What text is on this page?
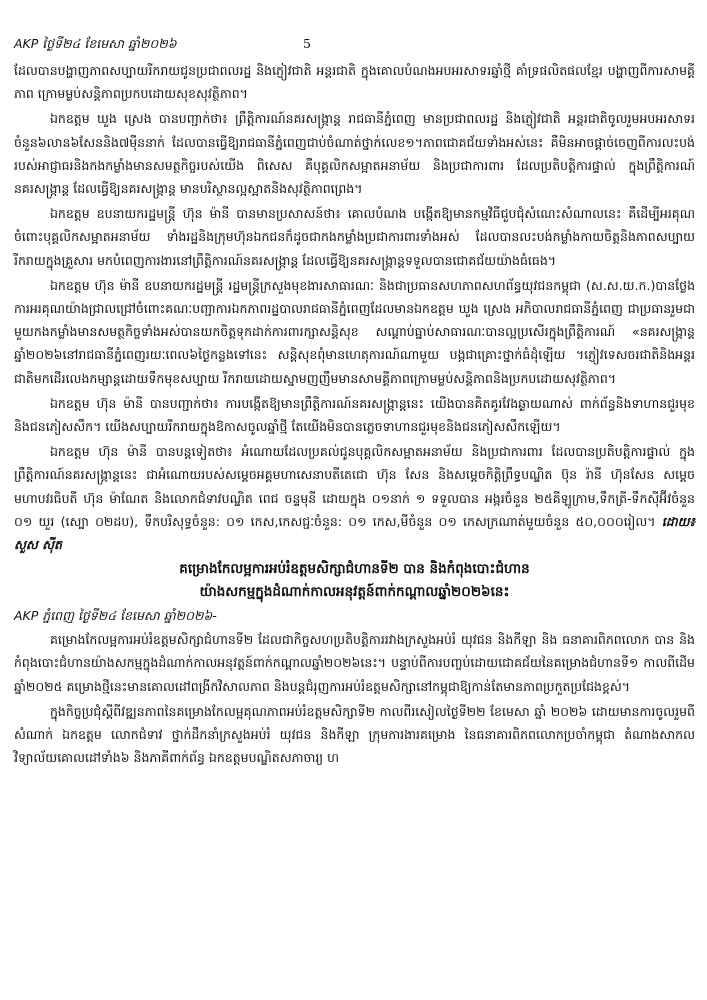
AKP ថ្ងៃទី២៤ ខែមេសា ឆ្នាំ២០២៦	5

ដែលបានបង្ហាញភាពសប្បាយរីករាយជូនប្រជាពលរដ្ឋ និងភ្ញៀវជាតិ អន្តរជាតិ ក្នុងគោលបំណងអបអរសាទរឆ្នាំថ្មី គាំទ្រផលិតផលខ្មែរ បង្ហាញពីការសាមគ្គីភាព ក្រោមម្លប់សន្តិភាពប្រកបដោយសុខសុវត្ថិភាព។

ឯកឧត្តម ឃួង ស្រេង បានបញ្ជាក់ថា៖ ព្រឹត្តិការណ៍នគរសង្ក្រាន្ត រាជធានីភ្នំពេញ មានប្រជាពលរដ្ឋ និងភ្ញៀវជាតិ អន្តរជាតិចូលរួមអបអរសាទរ ចំនួន៦លាន៦សែននិង៧មុឺននាក់ ដែលបានធ្វើឱ្យរាជធានីភ្នំពេញជាប់ចំណាត់ថ្នាក់លេខ១។ភាពជោគជ័យទាំងអស់នេះ គឺមិនអាចផ្តាច់ចេញពីការលះបង់របស់អាជ្ញាធរនិងកងកម្លាំងមានសមត្ថកិច្ចរបស់យើង ពិសេស គឺបុគ្គលិកសម្អាតអនាម័យ និងប្រជាការពារ ដែលប្រតិបត្តិការផ្ទាល់ ក្នុងព្រឹត្តិការណ៍នគរសង្ក្រាន្ត ដែលធ្វើឱ្យនគរសង្ក្រាន្ត មានបរិស្ថានល្អស្អាតនិងសុវត្ថិភាពព្រេង។

ឯកឧត្តម ឧបនាយករដ្ឋមន្ត្រី ហ៊ុន ម៉ានី បានមានប្រសាសន៍ថា៖ គោលបំណង បង្កើតឱ្យមានកម្មវិធីជួបជុំសំណេះសំណាលនេះ គឺដើម្បីអរគុណចំពោះបុគ្គលិកសម្អាតអនាម័យ ទាំងរដ្ឋនិងក្រុមហ៊ុនឯកជនក៏ដូចជាកងកម្លាំងប្រជាការពារទាំងអស់ ដែលបានលះបង់កម្លាំងកាយចិត្តនិងភាពសប្បាយរីករាយក្នុងគ្រួសារ មកបំពេញការងារនៅព្រឹត្តិការណ៍នគរសង្ក្រាន្ត ដែលធ្វើឱ្យនគរសង្ក្រាន្តទទួលបានជោគជ័យយ៉ាងធំធេង។

ឯកឧត្តម ហ៊ុន ម៉ានី ឧបនាយករដ្ឋមន្ត្រី រដ្ឋមន្ត្រីក្រសួងមុខងារសាធារណៈ និងជាប្រធានសហភាពសហព័ន្ធយុវជនកម្ពុជា (ស.ស.យ.ក.)បានថ្លែងការអរគុណយ៉ាងជ្រាលជ្រៅចំពោះគណៈបញ្ជាការឯកភាពរដ្ឋបាលរាជធានីភ្នំពេញដែលមានឯកឧត្តម ឃួង ស្រេង អភិបាលរាជធានីភ្នំពេញ ជាប្រធានរួមជាមួយកងកម្លាំងមានសមត្ថកិច្ចទាំងអស់បានយកចិត្តទុកដាក់ការពារក្សាសន្តិសុខ សណ្តាប់ធ្នាប់សាធារណៈបានល្អប្រសើរក្នុងព្រឹត្តិការណ៍ «នគរសង្ក្រាន្តឆ្នាំ២០២៦នៅរាជធានីភ្នំពេញរយៈពេល៦ថ្ងៃកន្លងទៅនេះ សន្តិសុខពុំមានហេតុការណ៍ណាមួយ បង្កជាគ្រោះថ្នាក់ធំដុំឡើយ ។ភ្ញៀវទេសចរជាតិនិងអន្តរជាតិមកដើរលេងកម្សាន្តដោយទឹកមុខសប្បាយ រីករាយដោយស្នាមញញឹមមានសាមគ្គីភាពក្រោមម្លប់សន្តិភាពនិងប្រកបដោយសុវត្ថិភាព។

ឯកឧត្តម ហ៊ុន ម៉ានី បានបញ្ជាក់ថា៖ ការបង្កើតឱ្យមានព្រឹត្តិការណ៍នគរសង្ក្រាន្តនេះ យើងបានគិតគូរវែងឆ្ងាយណាស់ ពាក់ព័ន្ធនិងទាហានជួរមុខនិងជនភៀសសឹក។ យើងសប្បាយរីករាយក្នុងឱកាសចូលឆ្នាំថ្មី តែយើងមិនបានភ្លេចទាហានជួរមុខនិងជនភៀសសឹកឡើយ។

ឯកឧត្តម ហ៊ុន ម៉ានី បានបន្តទៀតថា៖ អំណោយដែលប្រគល់ជូនបុគ្គលិកសម្អាតអនាម័យ និងប្រជាការពារ ដែលបានប្រតិបត្តិការផ្ទាល់ ក្នុងព្រឹត្តិការណ៍នគរសង្ក្រាន្តនេះ ជាអំណោយរបស់សម្តេចអគ្គមហាសេនាបតីតេជោ ហ៊ុន សែន និងសម្តេចកិត្តិព្រឹទ្ធបណ្ឌិត ប៊ុន រ៉ានី ហ៊ុនសែន សម្តេចមហាបវរធិបតី ហ៊ុន ម៉ាណែត និងលោកជំទាវបណ្ឌិត ពេជ ចន្ទមុនី ដោយក្នុង ០១នាក់ ១ ទទួលបាន អង្ករចំនួន ២៥គីឡូក្រាម,ទឹកត្រី-ទឹកស៊ីអ៊ីវចំនួន ០១ យួរ (ស្បោ ០២ដប), ទឹកបរិសុទ្ធចំនួន: ០១ កេស,កេសជ្ជៈចំនួន: ០១ កេស,មីចំនួន ០១ កេសក្រណាត់មួយចំនួន ៥០,០០០រៀល។ ដោយ៖ សួស ស៊ីត

គម្រោងកែលម្អការអប់រំឧត្តមសិក្សាជំហានទី២ បាន និងកំពុងបោះជំហាន
យ៉ាងសកម្មក្នុងដំណាក់កាលអនុវត្តន៍ពាក់កណ្តាលឆ្នាំ២០២៦នេះ
AKP ភ្នំពេញ ថ្ងៃទី២៤ ខែមេសា ឆ្នាំ២០២៦-

គម្រោងកែលម្អការអប់រំឧត្តមសិក្សាជំហានទី២ ដែលជាកិច្ចសហប្រតិបត្តិការរវាងក្រសួងអប់រំ យុវជន និងកីឡា និង ធនាគារពិភពលោក បាន និងកំពុងបោះជំហានយ៉ាងសកម្មក្នុងដំណាក់កាលអនុវត្តន៍ពាក់កណ្តាលឆ្នាំ២០២៦នេះ។ បន្ទាប់ពីការបញ្ចប់ដោយជោគជ័យនៃគម្រោងជំហានទី១ កាលពីដើមឆ្នាំ២០២៥ គម្រោងថ្មីនេះមានគោលដៅពង្រីកវិសាលភាព និងបន្តជំរុញការអប់រំឧត្តមសិក្សានៅកម្ពុជាឱ្យកាន់តែមានភាពប្រកួតប្រជែងខ្ពស់។

ក្នុងកិច្ចប្រជុំស្តីពីវឌ្ឍនភាពនៃគម្រោងកែលម្អគុណភាពអប់រំឧត្តមសិក្សាទី២ កាលពីរសៀលថ្ងៃទី២២ ខែមេសា ឆ្នាំ ២០២៦ ដោយមានការចូលរួមពីសំណាក់ ឯកឧត្តម លោកជំទាវ ថ្នាក់ដឹកនាំក្រសួងអប់រំ យុវជន និងកីឡា ក្រុមការងារគម្រោង នៃធនាគារពិភពលោកប្រចាំកម្ពុជា តំណាងសាកលវិទ្យាល័យគោលដៅទាំង៦ និងភាគីពាក់ព័ន្ធ ឯកឧត្តមបណ្ឌិតសភាចារ្យ ហ
